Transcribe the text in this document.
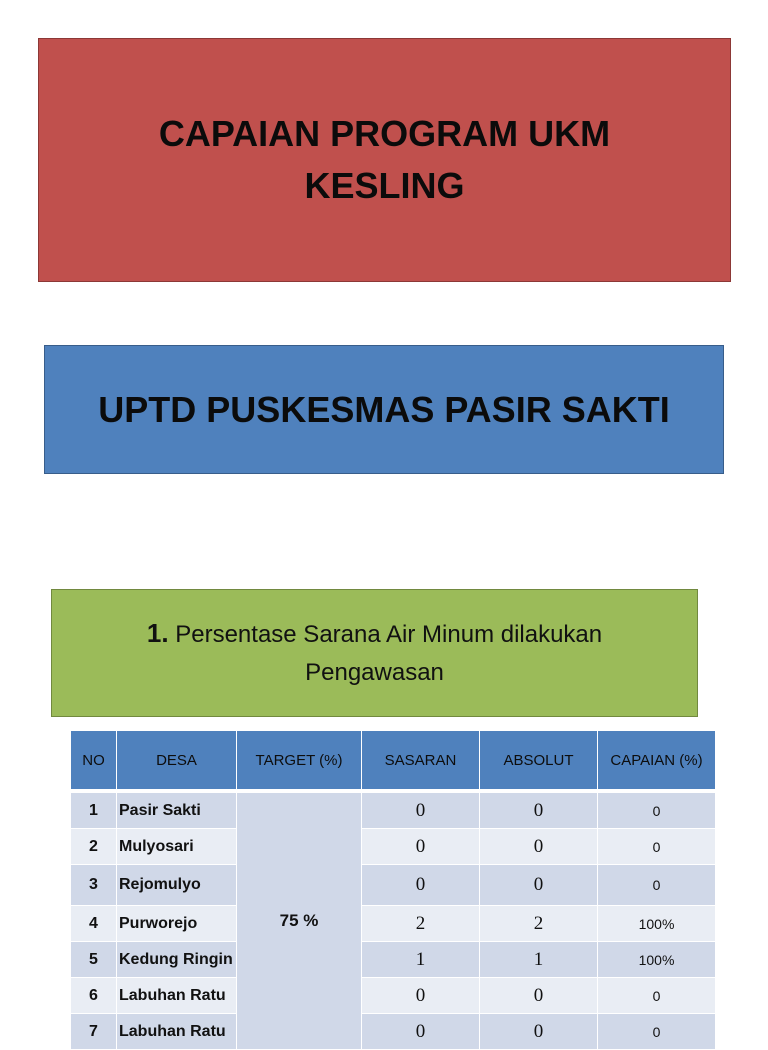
CAPAIAN PROGRAM UKM
KESLING
UPTD PUSKESMAS PASIR SAKTI
1. Persentase Sarana Air Minum dilakukan
Pengawasan
NO	DESA	TARGET (%)	SASARAN	ABSOLUT	CAPAIAN (%)

1	Pasir Sakti	75 %	0	0	0
2	Mulyosari		0	0	0
3	Rejomulyo		0	0	0
4	Purworejo		2	2	100%
5	Kedung Ringin		1	1	100%
6	Labuhan Ratu		0	0	0
7	Labuhan Ratu		0	0	0
